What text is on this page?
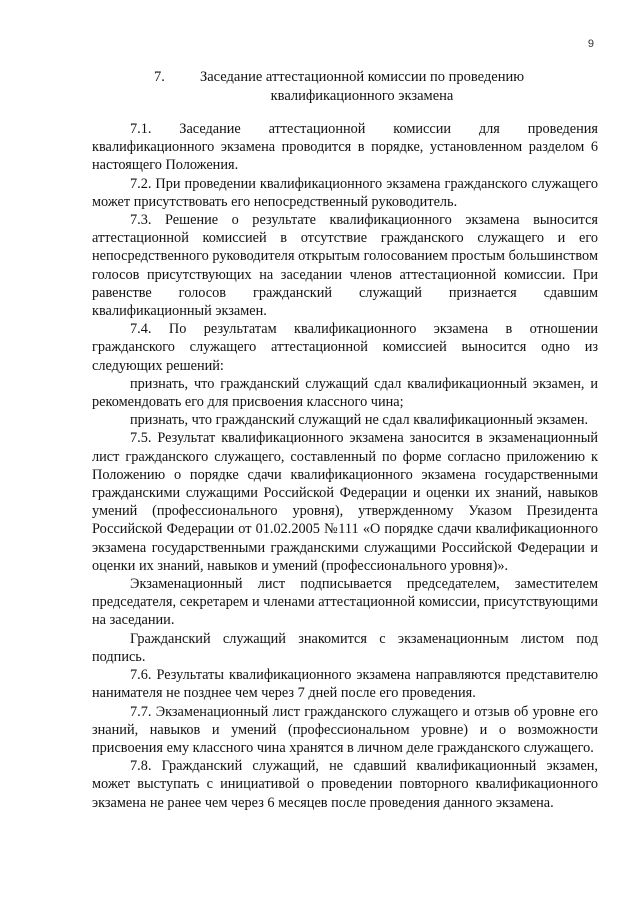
9
7.	Заседание аттестационной комиссии по проведению
квалификационного экзамена

7.1. Заседание аттестационной комиссии для проведения квалификационного экзамена проводится в порядке, установленном разделом 6 настоящего Положения.

7.2. При проведении квалификационного экзамена гражданского служащего может присутствовать его непосредственный руководитель.

7.3. Решение о результате квалификационного экзамена выносится аттестационной комиссией в отсутствие гражданского служащего и его непосредственного руководителя открытым голосованием простым большинством голосов присутствующих на заседании членов аттестационной комиссии. При равенстве голосов гражданский служащий признается сдавшим квалификационный экзамен.

7.4. По результатам квалификационного экзамена в отношении гражданского служащего аттестационной комиссией выносится одно из следующих решений:

признать, что гражданский служащий сдал квалификационный экзамен, и рекомендовать его для присвоения классного чина;

признать, что гражданский служащий не сдал квалификационный экзамен.

7.5. Результат квалификационного экзамена заносится в экзаменационный лист гражданского служащего, составленный по форме согласно приложению к Положению о порядке сдачи квалификационного экзамена государственными гражданскими служащими Российской Федерации и оценки их знаний, навыков умений (профессионального уровня), утвержденному Указом Президента Российской Федерации от 01.02.2005 №111 «О порядке сдачи квалификационного экзамена государственными гражданскими служащими Российской Федерации и оценки их знаний, навыков и умений (профессионального уровня)».

Экзаменационный лист подписывается председателем, заместителем председателя, секретарем и членами аттестационной комиссии, присутствующими на заседании.

Гражданский служащий знакомится с экзаменационным листом под подпись.

7.6. Результаты квалификационного экзамена направляются представителю нанимателя не позднее чем через 7 дней после его проведения.

7.7. Экзаменационный лист гражданского служащего и отзыв об уровне его знаний, навыков и умений (профессиональном уровне) и о возможности присвоения ему классного чина хранятся в личном деле гражданского служащего.

7.8. Гражданский служащий, не сдавший квалификационный экзамен, может выступать с инициативой о проведении повторного квалификационного экзамена не ранее чем через 6 месяцев после проведения данного экзамена.
